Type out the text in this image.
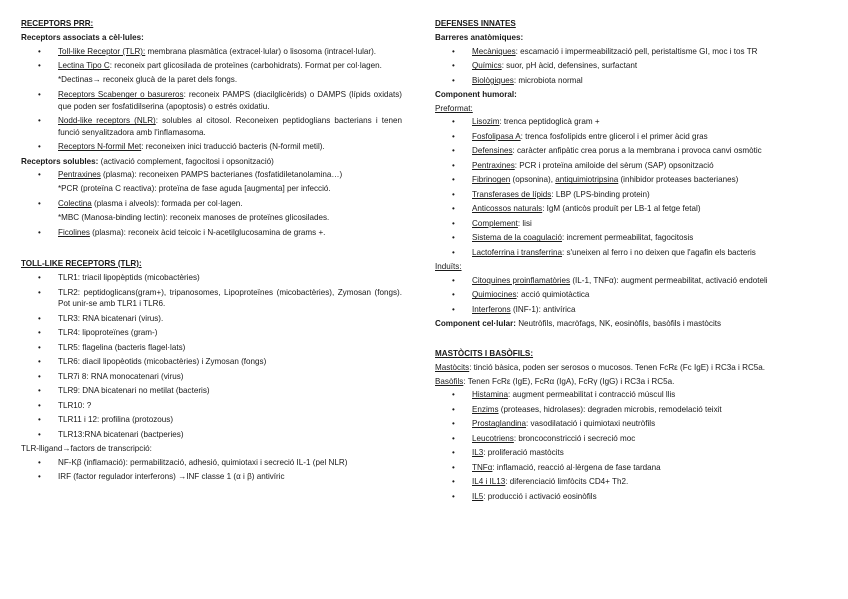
RECEPTORS PRR:
Receptors associats a cèl·lules:
• Toll-like Receptor (TLR): membrana plasmàtica (extracel·lular) o lisosoma (intracel·lular).
• Lectina Tipo C: reconeix part glicosilada de proteïnes (carbohidrats). Format per col·lagen.
*Dectinas→ reconeix glucà de la paret dels fongs.
• Receptors Scabenger o basureros: reconeix PAMPS (diacilglicèrids) o DAMPS (lípids oxidats) que poden ser fosfatidilserina (apoptosis) o estrés oxidatiu.
• Nodd-like receptors (NLR): solubles al citosol. Reconeixen peptidoglians bacterians i tenen funció senyalitzadora amb l'inflamasoma.
• Receptors N-formil Met: reconeixen inici traducció bacteris (N-formil metil).
Receptors solubles: (activació complement, fagocitosi i opsonització)
• Pentraxines (plasma): reconeixen PAMPS bacterianes (fosfatidiletanolamina…)
*PCR (proteïna C reactiva): proteïna de fase aguda [augmenta] per infecció.
• Colectina (plasma i alveols): formada per col·lagen.
*MBC (Manosa-binding lectin): reconeix manoses de proteïnes glicosilades.
• Ficolines (plasma): reconeix àcid teicoic i N-acetilglucosamina de grams +.
TOLL-LIKE RECEPTORS (TLR):
• TLR1: triacil lipopèptids (micobactèries)
• TLR2: peptidoglicans(gram+), tripanosomes, Lipoproteïnes (micobactèries), Zymosan (fongs). Pot unir-se amb TLR1 i TLR6.
• TLR3: RNA bicatenari (virus).
• TLR4: lipoproteïnes (gram-)
• TLR5: flagelina (bacteris flagel·lats)
• TLR6: diacil lipopèotids (micobactèries) i Zymosan (fongs)
• TLR7i 8: RNA monocatenari (virus)
• TLR9: DNA bicatenari no metilat (bacteris)
• TLR10: ?
• TLR11 i 12: profilina (protozous)
• TLR13:RNA bicatenari (bactperies)
TLR-lligand→factors de transcripció:
• NF-Kβ (inflamació): permabilització, adhesió, quimiotaxi i secreció IL-1 (pel NLR)
• IRF (factor regulador interferons) →INF classe 1 (α i β) antivíric
DEFENSES INNATES
Barreres anatòmiques:
• Mecàniques: escamació i impermeabilització pell, peristaltisme GI, moc i tos TR
• Químics: suor, pH àcid, defensines, surfactant
• Biològiques: microbiota normal
Component humoral:
Preformat:
• Lisozim: trenca peptidoglicà gram +
• Fosfolipasa A: trenca fosfolípids entre glicerol i el primer àcid gras
• Defensines: caràcter anfipàtic crea porus a la membrana i provoca canvi osmòtic
• Pentraxines: PCR i proteïna amiloide del sèrum (SAP) opsonització
• Fibrinogen (opsonina), antiquimiotripsina (inhibidor proteases bacterianes)
• Transferases de lípids: LBP (LPS-binding protein)
• Anticossos naturals: IgM (anticòs produït per LB-1 al fetge fetal)
• Complement: lisi
• Sistema de la coagulació: increment permeabilitat, fagocitosis
• Lactoferrina i transferrina: s'uneixen al ferro i no deixen que l'agafin els bacteris
Induïts:
• Citoquines proinflamatòries (IL-1, TNFα): augment permeabilitat, activació endoteli
• Quimiocines: acció quimiotàctica
• Interferons (INF-1): antivírica
Component cel·lular: Neutròfils, macròfags, NK, eosinòfils, basòfils i mastòcits
MASTÒCITS I BASÒFILS:
Mastòcits: tinció bàsica, poden ser serosos o mucosos. Tenen FcRε (Fc IgE) i RC3a i RC5a.
Basòfils: Tenen FcRε (IgE), FcRα (IgA), FcRγ (IgG) i RC3a i RC5a.
• Histamina: augment permeabilitat i contracció múscul llis
• Enzims (proteases, hidrolases): degraden microbis, remodelació teixit
• Prostaglandina: vasodilatació i quimiotaxi neutròfils
• Leucotriens: broncoconstricció i secreció moc
• IL3: proliferació mastòcits
• TNFα: inflamació, reacció al·lèrgena de fase tardana
• IL4 i IL13: diferenciació limfòcits CD4+ Th2.
• IL5: producció i activació eosinòfils
